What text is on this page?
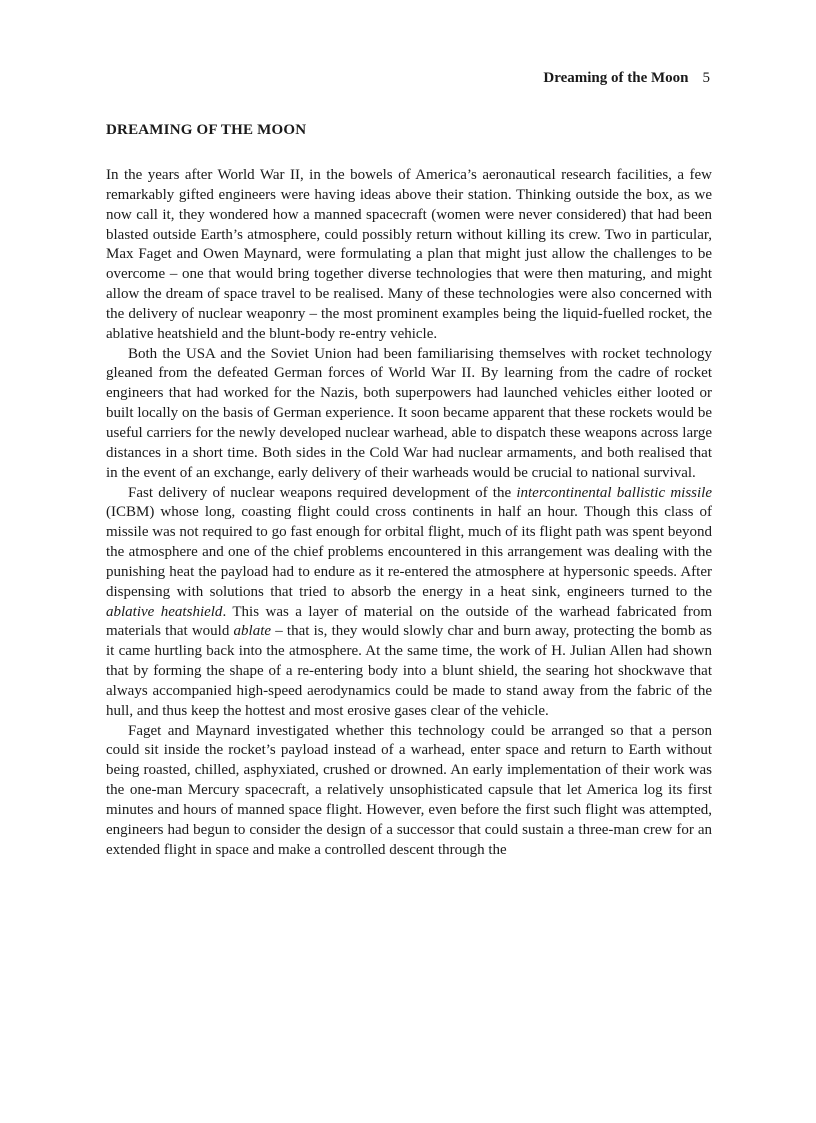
Dreaming of the Moon 5
DREAMING OF THE MOON

In the years after World War II, in the bowels of America’s aeronautical research facilities, a few remarkably gifted engineers were having ideas above their station. Thinking outside the box, as we now call it, they wondered how a manned spacecraft (women were never considered) that had been blasted outside Earth’s atmosphere, could possibly return without killing its crew. Two in particular, Max Faget and Owen Maynard, were formulating a plan that might just allow the challenges to be overcome – one that would bring together diverse technologies that were then maturing, and might allow the dream of space travel to be realised. Many of these technologies were also concerned with the delivery of nuclear weaponry – the most prominent examples being the liquid-fuelled rocket, the ablative heatshield and the blunt-body re-entry vehicle.

Both the USA and the Soviet Union had been familiarising themselves with rocket technology gleaned from the defeated German forces of World War II. By learning from the cadre of rocket engineers that had worked for the Nazis, both superpowers had launched vehicles either looted or built locally on the basis of German experience. It soon became apparent that these rockets would be useful carriers for the newly developed nuclear warhead, able to dispatch these weapons across large distances in a short time. Both sides in the Cold War had nuclear armaments, and both realised that in the event of an exchange, early delivery of their warheads would be crucial to national survival.

Fast delivery of nuclear weapons required development of the intercontinental ballistic missile (ICBM) whose long, coasting flight could cross continents in half an hour. Though this class of missile was not required to go fast enough for orbital flight, much of its flight path was spent beyond the atmosphere and one of the chief problems encountered in this arrangement was dealing with the punishing heat the payload had to endure as it re-entered the atmosphere at hypersonic speeds. After dispensing with solutions that tried to absorb the energy in a heat sink, engineers turned to the ablative heatshield. This was a layer of material on the outside of the warhead fabricated from materials that would ablate – that is, they would slowly char and burn away, protecting the bomb as it came hurtling back into the atmosphere. At the same time, the work of H. Julian Allen had shown that by forming the shape of a re-entering body into a blunt shield, the searing hot shockwave that always accompanied high-speed aerodynamics could be made to stand away from the fabric of the hull, and thus keep the hottest and most erosive gases clear of the vehicle.

Faget and Maynard investigated whether this technology could be arranged so that a person could sit inside the rocket’s payload instead of a warhead, enter space and return to Earth without being roasted, chilled, asphyxiated, crushed or drowned. An early implementation of their work was the one-man Mercury spacecraft, a relatively unsophisticated capsule that let America log its first minutes and hours of manned space flight. However, even before the first such flight was attempted, engineers had begun to consider the design of a successor that could sustain a three-man crew for an extended flight in space and make a controlled descent through the
